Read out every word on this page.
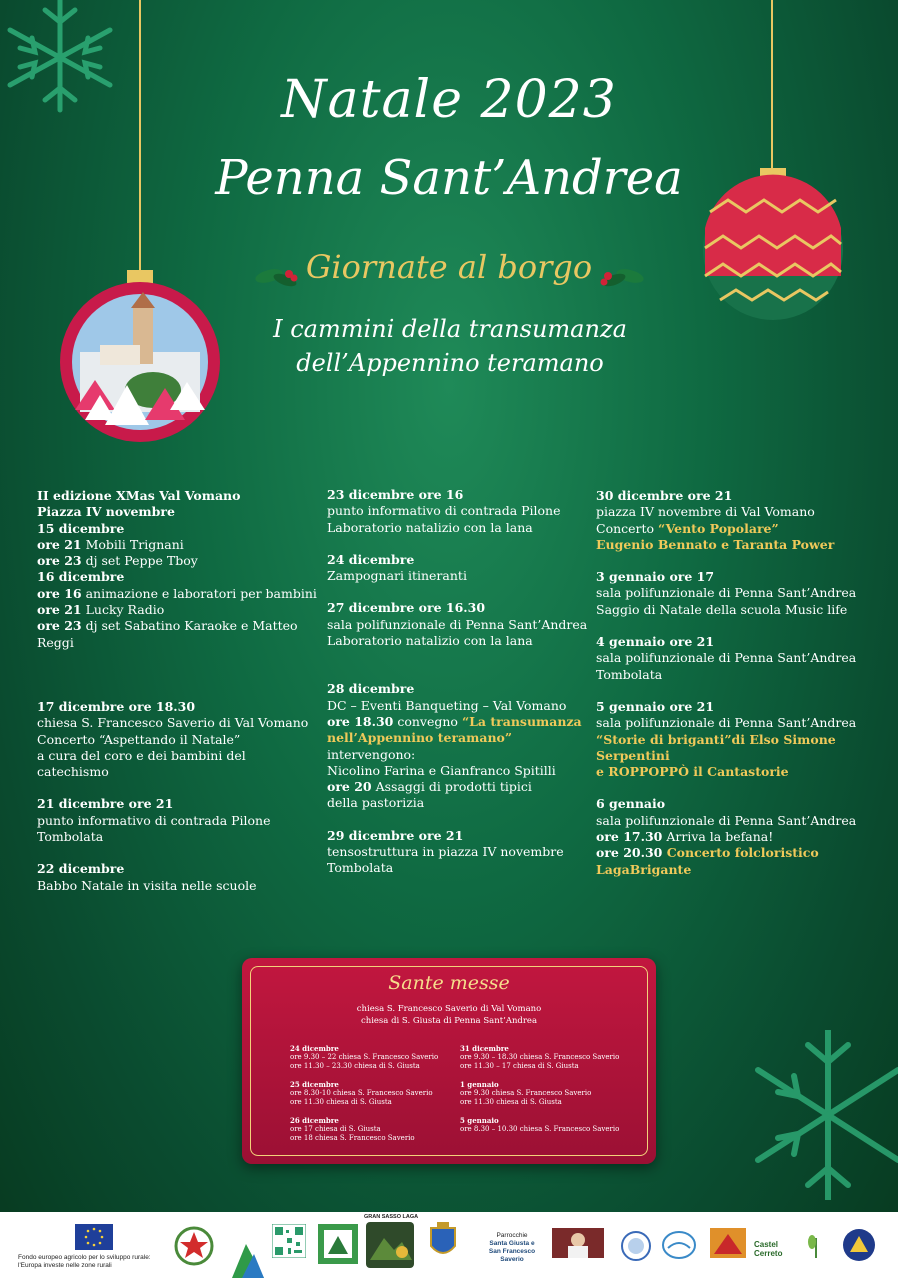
Natale 2023
Penna Sant’Andrea
Giornate al borgo
I cammini della transumanza
dell’Appennino teramano
II edizione XMas Val Vomano
Piazza IV novembre
15 dicembre
ore 21 Mobili Trignani
ore 23 dj set Peppe Tboy
16 dicembre
ore 16 animazione e laboratori per bambini
ore 21 Lucky Radio
ore 23 dj set Sabatino Karaoke e Matteo
Reggi
17 dicembre ore 18.30
chiesa S. Francesco Saverio di Val Vomano
Concerto “Aspettando il Natale”
a cura del coro e dei bambini del
catechismo
21 dicembre ore 21
punto informativo di contrada Pilone
Tombolata
22 dicembre
Babbo Natale in visita nelle scuole
23 dicembre ore 16
punto informativo di contrada Pilone
Laboratorio natalizio con la lana
24 dicembre
Zampognari itineranti
27 dicembre ore 16.30
sala polifunzionale di Penna Sant’Andrea
Laboratorio natalizio con la lana
28 dicembre
DC – Eventi Banqueting – Val Vomano
ore 18.30 convegno “La transumanza
nell’Appennino teramano”
intervengono:
Nicolino Farina e Gianfranco Spitilli
ore 20 Assaggi di prodotti tipici
della pastorizia
29 dicembre ore 21
tensostruttura in piazza IV novembre
Tombolata
30 dicembre ore 21
piazza IV novembre di Val Vomano
Concerto “Vento Popolare”
Eugenio Bennato e Taranta Power
3 gennaio ore 17
sala polifunzionale di Penna Sant’Andrea
Saggio di Natale della scuola Music life
4 gennaio ore 21
sala polifunzionale di Penna Sant’Andrea
Tombolata
5 gennaio ore 21
sala polifunzionale di Penna Sant’Andrea
“Storie di briganti”di Elso Simone
Serpentini
e ROPPOPPÒ il Cantastorie
6 gennaio
sala polifunzionale di Penna Sant’Andrea
ore 17.30 Arriva la befana!
ore 20.30 Concerto folcloristico
LagaBrigante
Sante messe
chiesa S. Francesco Saverio di Val Vomano
chiesa di S. Giusta di Penna Sant’Andrea
24 dicembre
ore 9.30 – 22 chiesa S. Francesco Saverio
ore 11.30 – 23.30 chiesa di S. Giusta
25 dicembre
ore 8.30-10 chiesa S. Francesco Saverio
ore 11.30 chiesa di S. Giusta
26 dicembre
ore 17 chiesa di S. Giusta
ore 18 chiesa S. Francesco Saverio
31 dicembre
ore 9.30 – 18.30 chiesa S. Francesco Saverio
ore 11.30 – 17 chiesa di S. Giusta
1 gennaio
ore 9.30 chiesa S. Francesco Saverio
ore 11.30 chiesa di S. Giusta
5 gennaio
ore 8.30 – 10.30 chiesa S. Francesco Saverio
Fondo europeo agricolo per lo sviluppo rurale:
l'Europa investe nelle zone rurali
GRAN SASSO LAGA
Parrocchie
Santa Giusta e
San Francesco Saverio
Castel Cerreto
